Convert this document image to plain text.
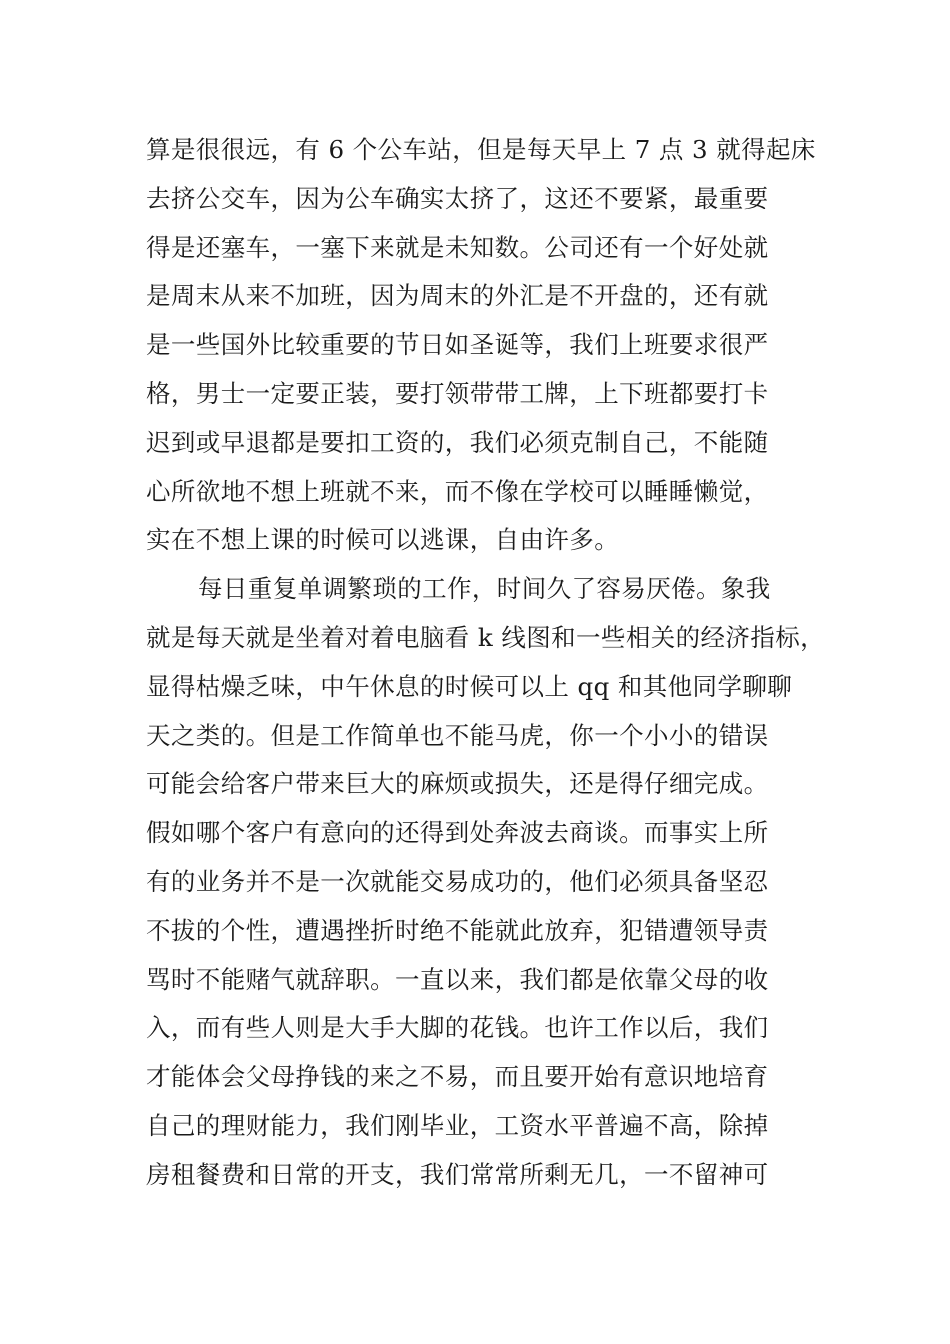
算是很很远，有 6 个公车站，但是每天早上 7 点 3 就得起床
去挤公交车，因为公车确实太挤了，这还不要紧，最重要
得是还塞车，一塞下来就是未知数。公司还有一个好处就
是周末从来不加班，因为周末的外汇是不开盘的，还有就
是一些国外比较重要的节日如圣诞等，我们上班要求很严
格，男士一定要正装，要打领带带工牌，上下班都要打卡
迟到或早退都是要扣工资的，我们必须克制自己，不能随
心所欲地不想上班就不来，而不像在学校可以睡睡懒觉，
实在不想上课的时候可以逃课，自由许多。
每日重复单调繁琐的工作，时间久了容易厌倦。象我
就是每天就是坐着对着电脑看 k 线图和一些相关的经济指标，
显得枯燥乏味，中午休息的时候可以上 qq 和其他同学聊聊
天之类的。但是工作简单也不能马虎，你一个小小的错误
可能会给客户带来巨大的麻烦或损失，还是得仔细完成。
假如哪个客户有意向的还得到处奔波去商谈。而事实上所
有的业务并不是一次就能交易成功的，他们必须具备坚忍
不拔的个性，遭遇挫折时绝不能就此放弃，犯错遭领导责
骂时不能赌气就辞职。一直以来，我们都是依靠父母的收
入，而有些人则是大手大脚的花钱。也许工作以后，我们
才能体会父母挣钱的来之不易，而且要开始有意识地培育
自己的理财能力，我们刚毕业，工资水平普遍不高，除掉
房租餐费和日常的开支，我们常常所剩无几，一不留神可
